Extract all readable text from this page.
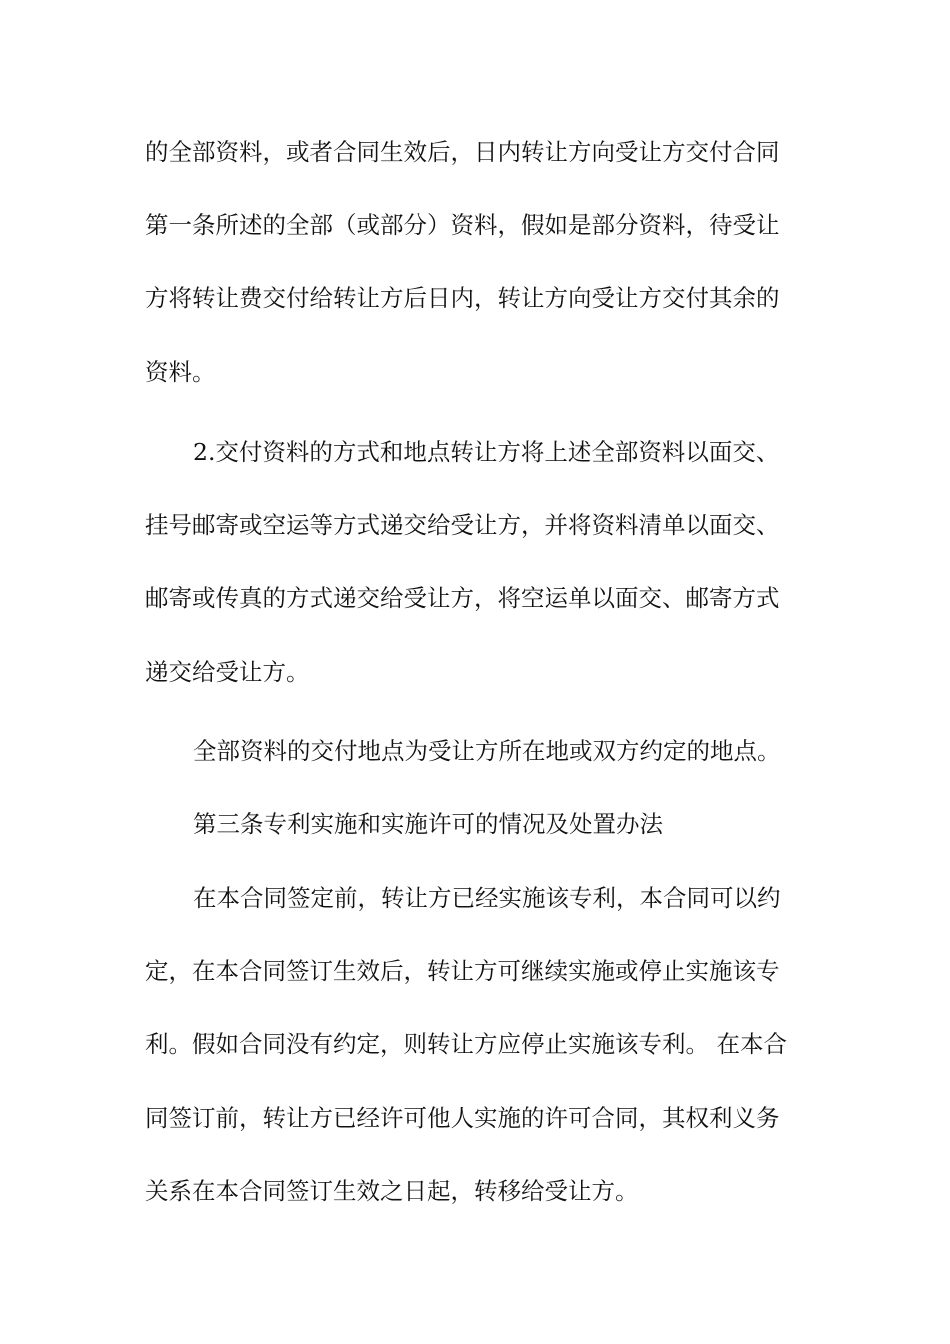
的全部资料，或者合同生效后，日内转让方向受让方交付合同
第一条所述的全部（或部分）资料，假如是部分资料，待受让
方将转让费交付给转让方后日内，转让方向受让方交付其余的
资料。
2.交付资料的方式和地点转让方将上述全部资料以面交、
挂号邮寄或空运等方式递交给受让方，并将资料清单以面交、
邮寄或传真的方式递交给受让方，将空运单以面交、邮寄方式
递交给受让方。
全部资料的交付地点为受让方所在地或双方约定的地点。
第三条专利实施和实施许可的情况及处置办法
在本合同签定前，转让方已经实施该专利，本合同可以约
定，在本合同签订生效后，转让方可继续实施或停止实施该专
利。假如合同没有约定，则转让方应停止实施该专利。 在本合
同签订前，转让方已经许可他人实施的许可合同，其权利义务
关系在本合同签订生效之日起，转移给受让方。
